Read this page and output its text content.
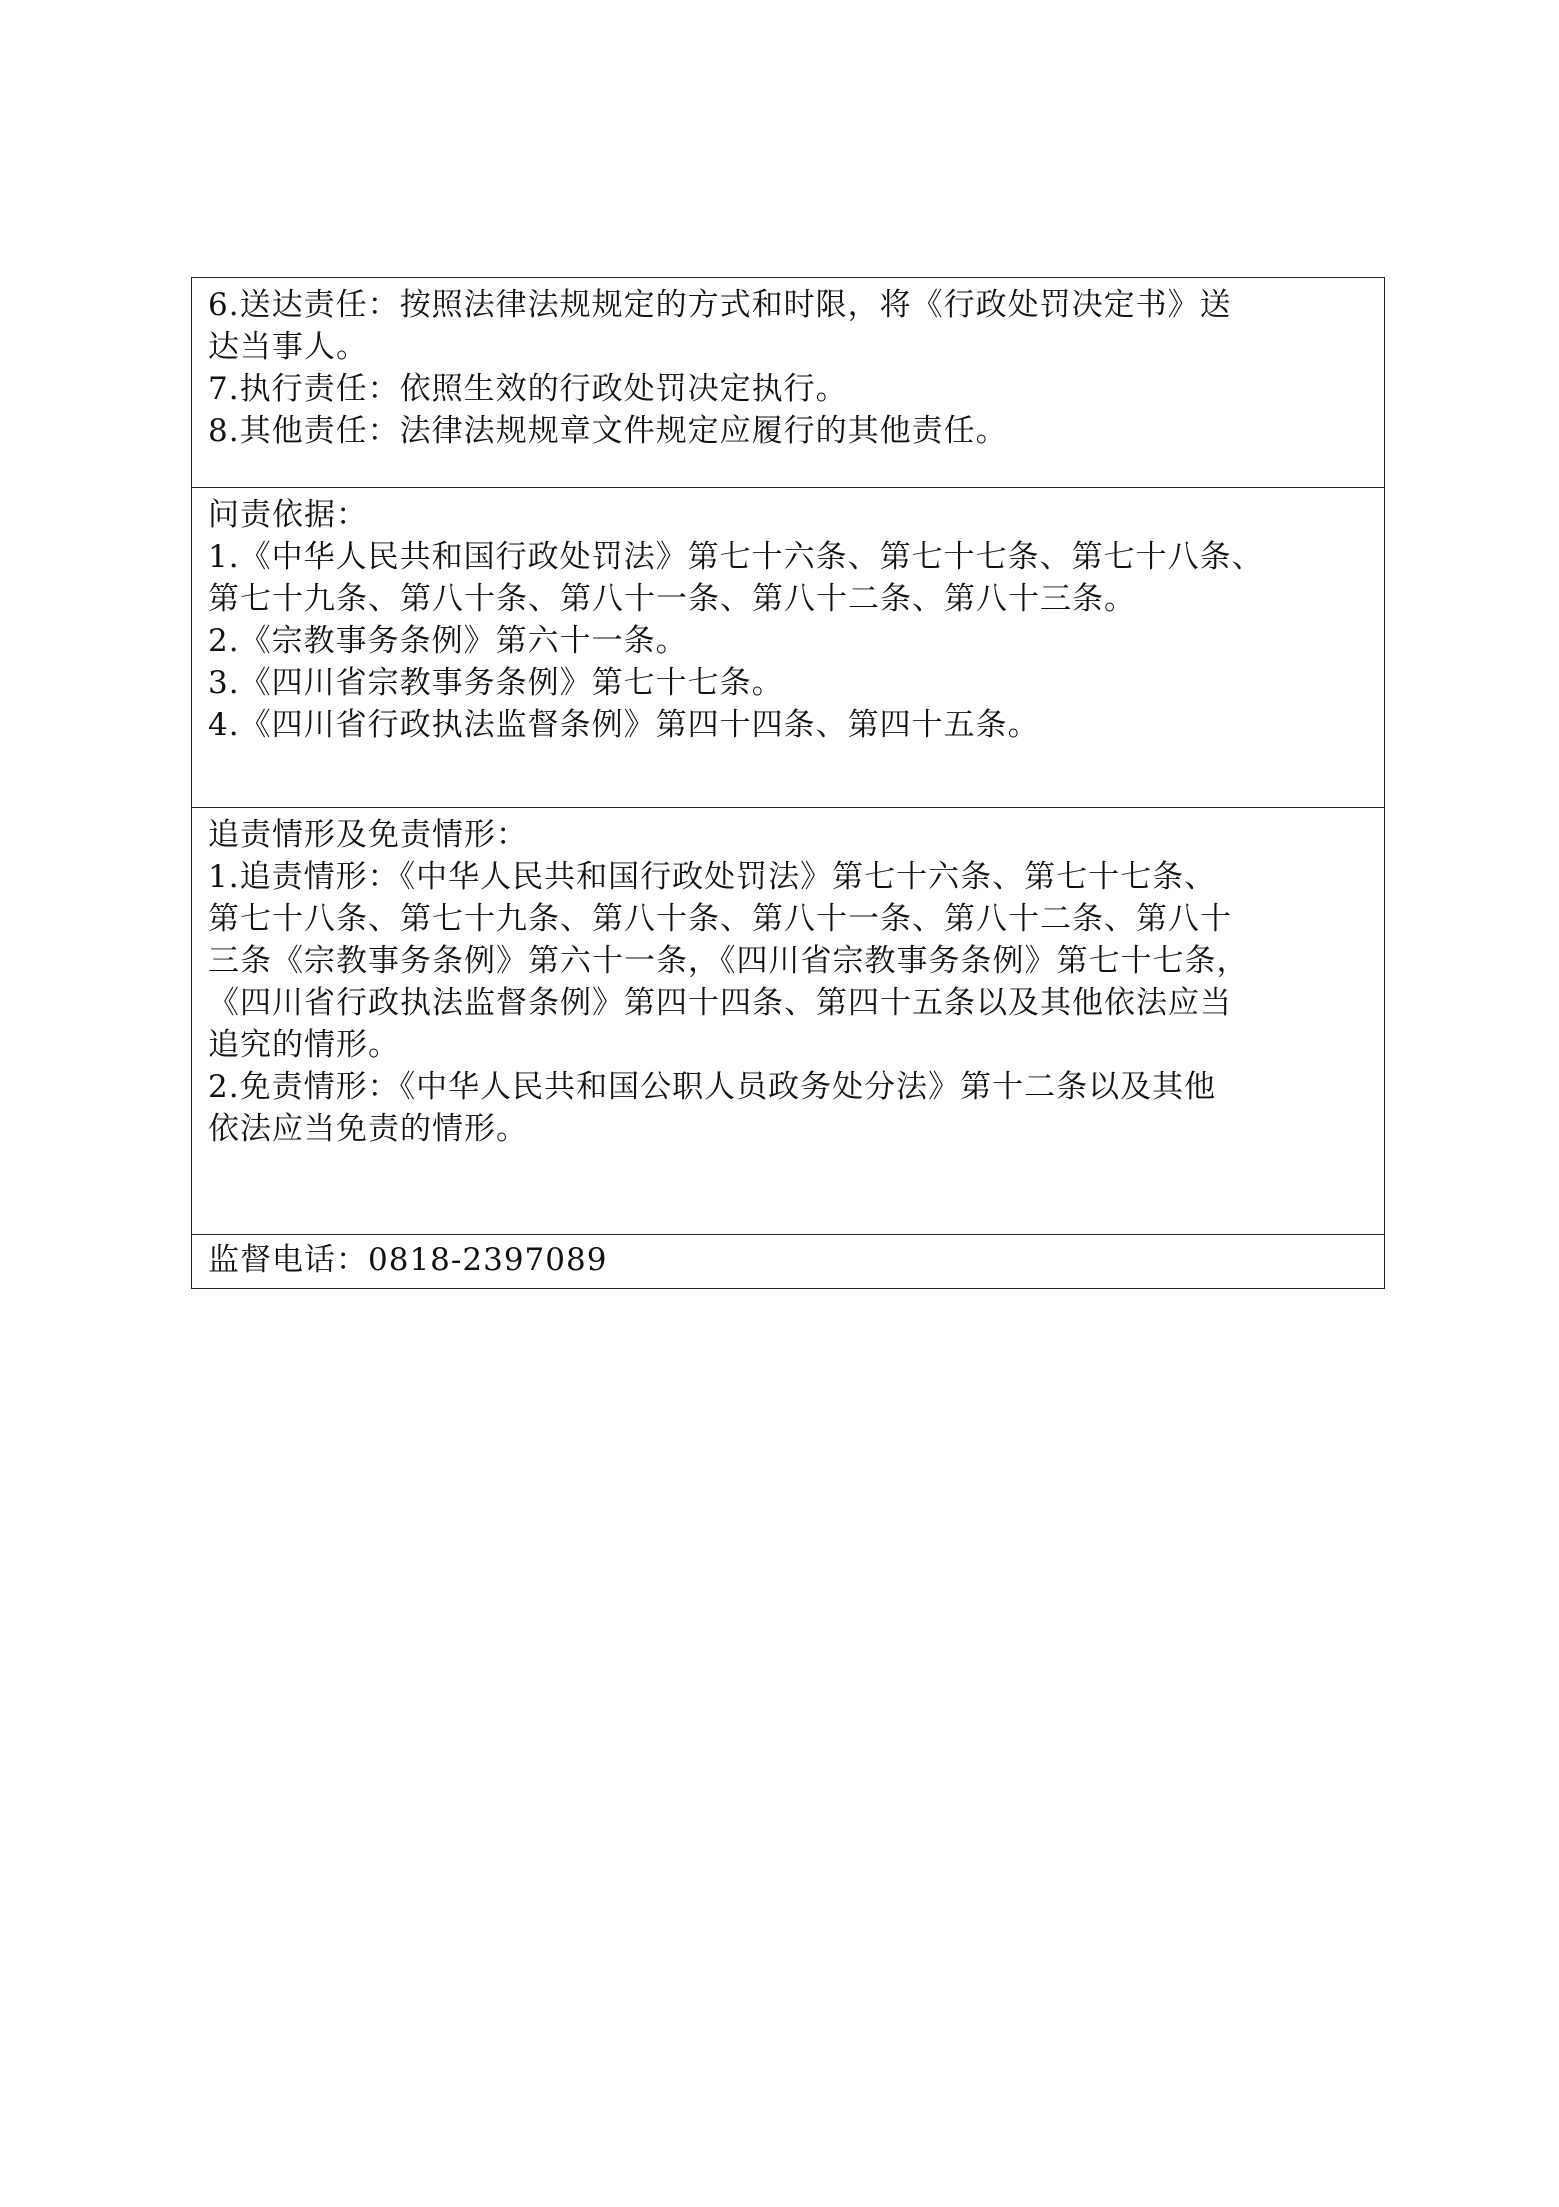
6.送达责任：按照法律法规规定的方式和时限，将《行政处罚决定书》送
达当事人。
7.执行责任：依照生效的行政处罚决定执行。
8.其他责任：法律法规规章文件规定应履行的其他责任。
问责依据：
1.《中华人民共和国行政处罚法》第七十六条、第七十七条、第七十八条、
第七十九条、第八十条、第八十一条、第八十二条、第八十三条。
2.《宗教事务条例》第六十一条。
3.《四川省宗教事务条例》第七十七条。
4.《四川省行政执法监督条例》第四十四条、第四十五条。
追责情形及免责情形：
1.追责情形：《中华人民共和国行政处罚法》第七十六条、第七十七条、
第七十八条、第七十九条、第八十条、第八十一条、第八十二条、第八十
三条《宗教事务条例》第六十一条，《四川省宗教事务条例》第七十七条，
《四川省行政执法监督条例》第四十四条、第四十五条以及其他依法应当
追究的情形。
2.免责情形：《中华人民共和国公职人员政务处分法》第十二条以及其他
依法应当免责的情形。
监督电话：0818-2397089
